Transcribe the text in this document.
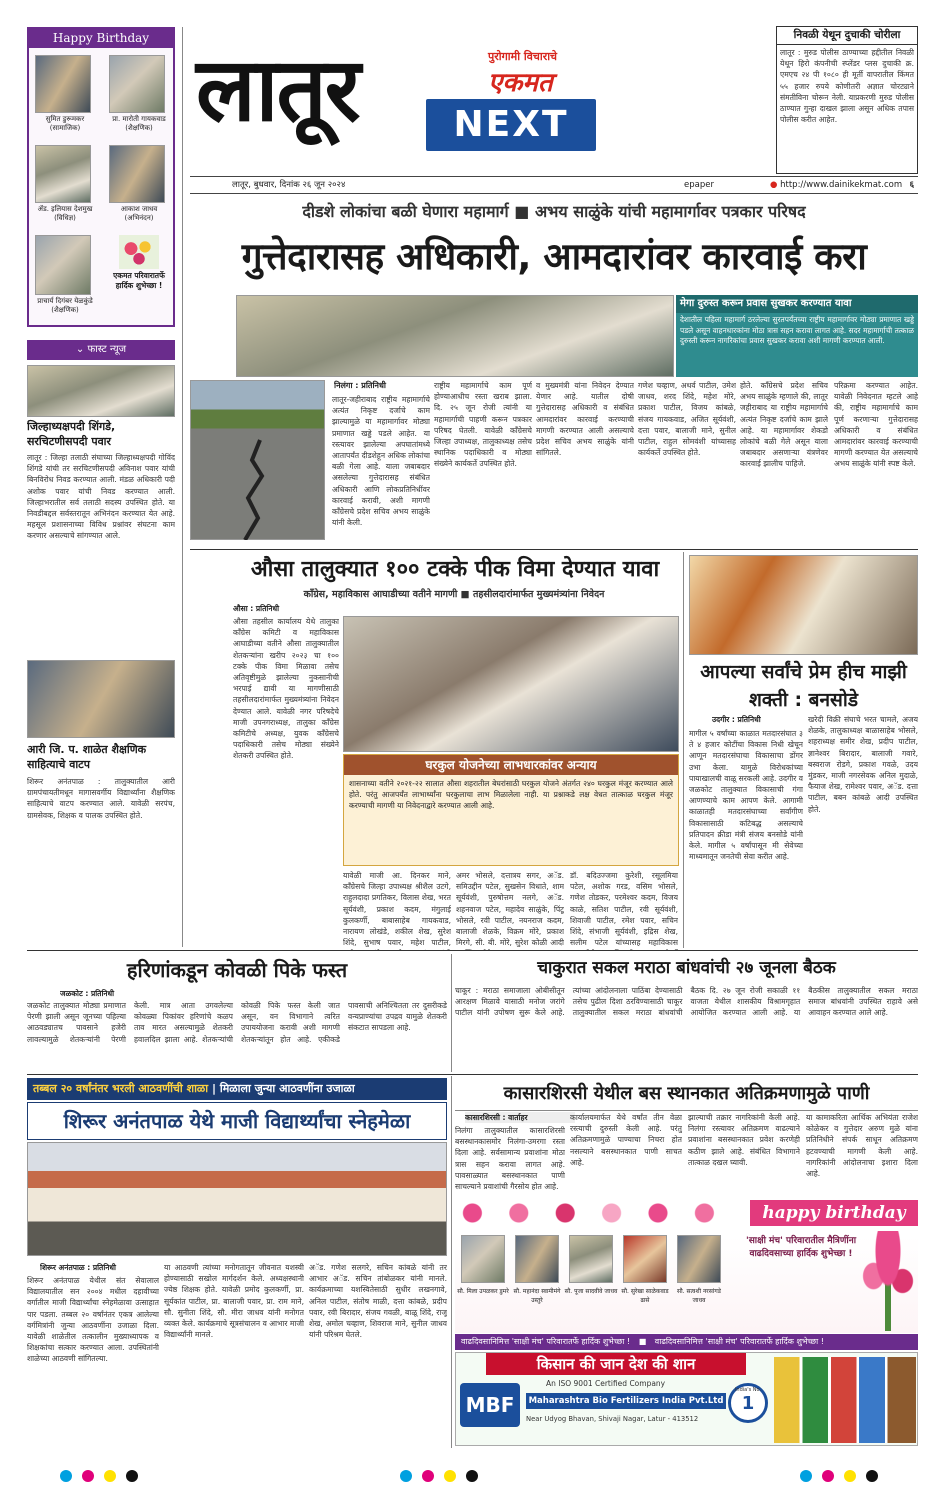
Happy Birthday
सुमित डुरूमकर
(सामाजिक)
प्रा. मारोती गायकवाड
(शैक्षणिक)
ॲड. इलियास देशमुख
(विधिज्ञ)
आकाश जाधव
(अभिनंदन)
प्राचार्य दिगंबर येळकुंडे
(शैक्षणिक)
एकमत परिवारातर्फे हार्दिक शुभेच्छा !
⌄ फास्ट न्यूज
जिल्हाध्यक्षपदी शिंगडे, सरचिटणीसपदी पवार
लातूर : जिल्हा तलाठी संघाच्या जिल्हाध्यक्षपदी गोविंद शिंगडे यांची तर सरचिटणीसपदी अविनाश पवार यांची बिनविरोध निवड करण्यात आली. मंडळ अधिकारी पदी अशोक पवार यांची निवड करण्यात आली. जिल्हाभरातील सर्व तलाठी सदस्य उपस्थित होते. या निवडीबद्दल सर्वस्तरातून अभिनंदन करण्यात येत आहे. महसूल प्रशासनाच्या विविध प्रश्नांवर संघटना काम करणार असल्याचे सांगण्यात आले.
आरी जि. प. शाळेत शैक्षणिक साहित्याचे वाटप
शिरूर अनंतपाळ : तालुक्यातील आरी ग्रामपंचायतीमधून मागासवर्गीय विद्यार्थ्यांना शैक्षणिक साहित्याचे वाटप करण्यात आले. यावेळी सरपंच, ग्रामसेवक, शिक्षक व पालक उपस्थित होते.
लातूर	पुरोगामी विचाराचे
एकमत
NEXT
लातूर, बुधवार, दिनांक २६ जून २०२४	epaper	● http://www.dainikekmat.com ६
निवळी येथून दुचाकी चोरीला
लातूर : मुरुड पोलीस ठाण्याच्या हद्दीतील निवळी येथून हिरो कंपनीची स्प्लेंडर प्लस दुचाकी क्र. एमएच २४ पी १०८० ही मूर्ती वापरातील किंमत ५५ हजार रुपये कोणीतरी अज्ञात चोरट्याने संमतीविना चोरून नेली. याप्रकरणी मुरुड पोलीस ठाण्यात गुन्हा दाखल झाला असून अधिक तपास पोलीस करीत आहेत.
दीडशे लोकांचा बळी घेणारा महामार्ग ■ अभय साळुंके यांची महामार्गावर पत्रकार परिषद
गुत्तेदारासह अधिकारी, आमदारांवर कारवाई करा
मेगा दुरुस्त करून प्रवास सुखकर करण्यात यावा
देशातील पहिला महामार्ग ठरलेल्या सुरतपर्यंतच्या राष्ट्रीय महामार्गावर मोठ्या प्रमाणात खड्डे पडले असून वाहनधारकांना मोठा त्रास सहन करावा लागत आहे. सदर महामार्गाची तत्काळ दुरुस्ती करून नागरिकांचा प्रवास सुखकर करावा अशी मागणी करण्यात आली.
निलंगा : प्रतिनिधी
लातूर-जहीराबाद राष्ट्रीय महामार्गाचे अत्यंत निकृष्ट दर्जाचे काम झाल्यामुळे या महामार्गावर मोठ्या प्रमाणात खड्डे पडले आहेत. या रस्त्यावर झालेल्या अपघातांमध्ये आतापर्यंत दीडशेहून अधिक लोकांचा बळी गेला आहे. याला जबाबदार असलेल्या गुत्तेदारासह संबंधित अधिकारी आणि लोकप्रतिनिधींवर कारवाई करावी, अशी मागणी काँग्रेसचे प्रदेश सचिव अभय साळुंके यांनी केली.
राष्ट्रीय महामार्गाचे काम पूर्ण होण्याआधीच रस्ता खराब झाला. दि. २५ जून रोजी त्यांनी या महामार्गाची पाहणी करून पत्रकार परिषद घेतली. यावेळी काँग्रेसचे जिल्हा उपाध्यक्ष, तालुकाध्यक्ष तसेच स्थानिक पदाधिकारी व मोठ्या संख्येने कार्यकर्ते उपस्थित होते.
व मुख्यमंत्री यांना निवेदन देण्यात येणार आहे. यातील दोषी गुत्तेदारासह अधिकारी व संबंधित आमदारांवर कारवाई करण्याची मागणी करण्यात आली असल्याचे प्रदेश सचिव अभय साळुंके यांनी सांगितले.
गणेश चव्हाण, अथर्व पाटील, उमेश जाधव, शरद शिंदे, महेश मोरे, प्रकाश पाटील, विजय कांबळे, संजय गायकवाड, अजित सूर्यवंशी, दत्ता पवार, बालाजी माने, सुनील पाटील, राहुल सोमवंशी यांच्यासह कार्यकर्ते उपस्थित होते.
होते. काँग्रेसचे प्रदेश सचिव अभय साळुंके म्हणाले की, लातूर जहीराबाद या राष्ट्रीय महामार्गाचे अत्यंत निकृष्ट दर्जाचे काम झाले आहे. या महामार्गावर शेकडो लोकांचे बळी गेले असून याला जबाबदार असणाऱ्या यंत्रणेवर कारवाई झालीच पाहिजे.
परिक्रमा करण्यात आहेत. यावेळी निवेदनात म्हटले आहे की, राष्ट्रीय महामार्गाचे काम पूर्ण करणाऱ्या गुत्तेदारासह अधिकारी व संबंधित आमदारांवर कारवाई करण्याची मागणी करण्यात येत असल्याचे अभय साळुंके यांनी स्पष्ट केले.
औसा तालुक्यात १०० टक्के पीक विमा देण्यात यावा
काँग्रेस, महाविकास आघाडीच्या वतीने मागणी ■ तहसीलदारांमार्फत मुख्यमंत्र्यांना निवेदन
औसा : प्रतिनिधी
औसा तहसील कार्यालय येथे तालुका काँग्रेस कमिटी व महाविकास आघाडीच्या वतीने औसा तालुक्यातील शेतकऱ्यांना खरीप २०२३ चा १०० टक्के पीक विमा मिळावा तसेच अतिवृष्टीमुळे झालेल्या नुकसानीची भरपाई द्यावी या मागणीसाठी तहसीलदारांमार्फत मुख्यमंत्र्यांना निवेदन देण्यात आले. यावेळी नगर परिषदेचे माजी उपनगराध्यक्ष, तालुका काँग्रेस कमिटीचे अध्यक्ष, युवक काँग्रेसचे पदाधिकारी तसेच मोठ्या संख्येने शेतकरी उपस्थित होते.
घरकुल योजनेच्या लाभधारकांवर अन्याय
शासनाच्या वतीने २०२१-२२ सालात औसा शहरातील बेघरांसाठी घरकुल योजने अंतर्गत २४० घरकुल मंजूर करण्यात आले होते. परंतु आजपर्यंत लाभार्थ्यांना घरकुलाचा लाभ मिळालेला नाही. या प्रश्नाकडे लक्ष वेधत तात्काळ घरकुल मंजूर करण्याची मागणी या निवेदनाद्वारे करण्यात आली आहे.
यावेळी माजी आ. दिनकर माने, काँग्रेसचे जिल्हा उपाध्यक्ष श्रीशैल उटगे, राहुलदादा प्रगतिकर, विलास शेख, भरत सूर्यवंशी, प्रकाश कदम, मंगुलाई कुलकर्णी, बाबासाहेब गायकवाड, नारायण लोखंडे, शकील शेख, सुरेश शिंदे, सुभाष पवार, महेश पाटील,
अमर भोसले, दत्तात्रय सगर, अॅड. समिउद्दीन पटेल, सुखसेन विधाते, शाम सूर्यवंशी, पुरुषोत्तम नलगे, अॅड. शहनवाज पटेल, महादेव साळुंके, पिंटू भोसले, रवी पाटील, नयनराज कदम, बालाजी शेळके, विक्रम मोरे, प्रकाश मिरगे, सी. बी. मोरे, सुरेश कोळी आदी
डॉ. बदिउज्जमा कुरेशी, रसूलमिया पटेल, अशोक गरड, वसिम भोसले, गणेश तोडकर, परमेश्वर कदम, विजय काळे, सतिश पाटील, रवी सूर्यवंशी, शिवाजी पाटील, रमेश पवार, सचिन शिंदे, संभाजी सूर्यवंशी, इद्रिस शेख, सलीम पटेल यांच्यासह महाविकास
आपल्या सर्वांचे प्रेम हीच माझी शक्ती : बनसोडे
उदगीर : प्रतिनिधी
मागील ५ वर्षांच्या काळात मतदारसंघात ३ ते ४ हजार कोटींचा विकास निधी खेचून आणून मतदारसंघाचा विकासाचा डोंगर उभा केला. यामुळे विरोधकांच्या पायाखालची वाळू सरकली आहे. उदगीर व जळकोट तालुक्यात विकासाची गंगा आणण्याचे काम आपण केले. आगामी काळातही मतदारसंघाच्या सर्वांगीण विकासासाठी कटिबद्ध असल्याचे प्रतिपादन क्रीडा मंत्री संजय बनसोडे यांनी केले. मागील ५ वर्षांपासून मी सेवेच्या माध्यमातून जनतेची सेवा करीत आहे.
खरेदी विक्री संघाचे भरत चामले, अजय शेळके, तालुकाध्यक्ष बाळासाहेब भोसले, शहराध्यक्ष समीर शेख, प्रदीप पाटील, ज्ञानेश्वर बिरादार, बालाजी गवारे, बस्वराज रोडगे, प्रकाश गवळे, उदय मुंडकर, माजी नगरसेवक अनिल मुदाळे, फैयाज शेख, रामेश्वर पवार, अॅड. दत्ता पाटील, बबन कांबळे आदी उपस्थित होते.
हरिणांकडून कोवळी पिके फस्त
जळकोट : प्रतिनिधी
जळकोट तालुक्यात मोठ्या प्रमाणात पेरणी झाली असून जूनच्या पहिल्या आठवड्यातच पावसाने हजेरी लावल्यामुळे शेतकऱ्यांनी पेरणी केली. मात्र आता उगवलेल्या कोवळ्या पिकांवर हरिणांचे कळप ताव मारत असल्यामुळे शेतकरी हवालदिल झाला आहे. शेतकऱ्यांची कोवळी पिके फस्त केली जात असून, वन विभागाने त्वरित उपाययोजना करावी अशी मागणी शेतकऱ्यांतून होत आहे. एकीकडे पावसाची अनिश्चितता तर दुसरीकडे वन्यप्राण्यांचा उपद्रव यामुळे शेतकरी संकटात सापडला आहे.
चाकुरात सकल मराठा बांधवांची २७ जूनला बैठक
चाकूर : मराठा समाजाला ओबीसीतून आरक्षण मिळावे यासाठी मनोज जरांगे पाटील यांनी उपोषण सुरू केले आहे. त्यांच्या आंदोलनाला पाठिंबा देण्यासाठी तसेच पुढील दिशा ठरविण्यासाठी चाकूर तालुक्यातील सकल मराठा बांधवांची बैठक दि. २७ जून रोजी सकाळी ११ वाजता येथील शासकीय विश्रामगृहात आयोजित करण्यात आली आहे. या बैठकीस तालुक्यातील सकल मराठा समाज बांधवांनी उपस्थित राहावे असे आवाहन करण्यात आले आहे.
तब्बल २० वर्षांनंतर भरली आठवणींची शाळा | मिळाला जुन्या आठवणींना उजाळा
शिरूर अनंतपाळ येथे माजी विद्यार्थ्यांचा स्नेहमेळा
शिरूर अनंतपाळ : प्रतिनिधी
शिरूर अनंतपाळ येथील संत सेवालाल विद्यालयातील सन २००४ मधील दहावीच्या वर्गातील माजी विद्यार्थ्यांचा स्नेहमेळावा उत्साहात पार पडला. तब्बल २० वर्षांनंतर एकत्र आलेल्या वर्गमित्रांनी जुन्या आठवणींना उजाळा दिला. यावेळी शाळेतील तत्कालीन मुख्याध्यापक व शिक्षकांचा सत्कार करण्यात आला. उपस्थितांनी शाळेच्या आठवणी सांगितल्या.
या आठवणी त्यांच्या मनोगतातून जीवनात यशस्वी होण्यासाठी सखोल मार्गदर्शन केले. अध्यक्षस्थानी ज्येष्ठ शिक्षक होते. यावेळी प्रमोद कुलकर्णी, प्रा. सूर्यकांत पाटील, प्रा. बालाजी पवार, प्रा. राम माने, सौ. सुनीता शिंदे, सौ. मीरा जाधव यांनी मनोगत व्यक्त केले. कार्यक्रमाचे सूत्रसंचालन व आभार माजी विद्यार्थ्यांनी मानले.
अॅड. गणेश सलगरे, सचिन कांबळे यांनी तर आभार अॅड. सचिन तांबोळकर यांनी मानले. कार्यक्रमाच्या यशस्वितेसाठी सुधीर लखनगावे, अनिल पाटील, संतोष माळी, दत्ता कांबळे, प्रदीप पवार, रवी बिरादार, संजय गवळी, बाळू शिंदे, राजू शेख, अमोल चव्हाण, शिवराज माने, सुनील जाधव यांनी परिश्रम घेतले.
कासारशिरसी येथील बस स्थानकात अतिक्रमणामुळे पाणी
कासारशिरसी : वार्ताहर
निलंगा तालुक्यातील कासारशिरसी बसस्थानकासमोर निलंगा-उमरगा रस्ता दिला आहे. सर्वसामान्य प्रवाशांना मोठा त्रास सहन करावा लागत आहे. पावसाळ्यात बसस्थानकात पाणी साचल्याने प्रवाशांची गैरसोय होत आहे.
कार्यालयमार्फत येथे वर्षांत तीन वेळा रस्त्याची दुरुस्ती केली आहे. परंतु अतिक्रमणामुळे पाण्याचा निचरा होत नसल्याने बसस्थानकात पाणी साचत आहे.
झाल्याची तक्रार नागरिकांनी केली आहे. निलंगा रस्त्यावर अतिक्रमण वाढल्याने प्रवाशांना बसस्थानकात प्रवेश करणेही कठीण झाले आहे. संबंधित विभागाने तात्काळ दखल घ्यावी.
या कामाकरिता आर्थिक अभियंता राजेश कोळेकर व गुत्तेदार अरुण मुळे यांना प्रतिनिधीने संपर्क साधून अतिक्रमण हटवण्याची मागणी केली आहे. नागरिकांनी आंदोलनाचा इशारा दिला आहे.
happy birthday
सौ. मिला उपळकर डुमरे सौ. महानंदा स्वामीमंगे उस्तुरे
सौ. पूजा सादवीवे जाधव सौ. सुरेखा साळेकवाड ढासे
सौ. सत्वशी नरसांगडे जाधव
'साक्षी मंच' परिवारातील मैत्रिणींना वाढदिवसाच्या हार्दिक शुभेच्छा !
वाढदिवसानिमित्त 'साक्षी मंच' परिवारातर्फे हार्दिक शुभेच्छा ! ■ वाढदिवसानिमित्त 'साक्षी मंच' परिवारातर्फे हार्दिक शुभेच्छा !
किसान की जान देश की शान
MBF
An ISO 9001 Certified Company
Maharashtra Bio Fertilizers India Pvt.Ltd
Near Udyog Bhavan, Shivaji Nagar, Latur - 413512
India's No.
1
